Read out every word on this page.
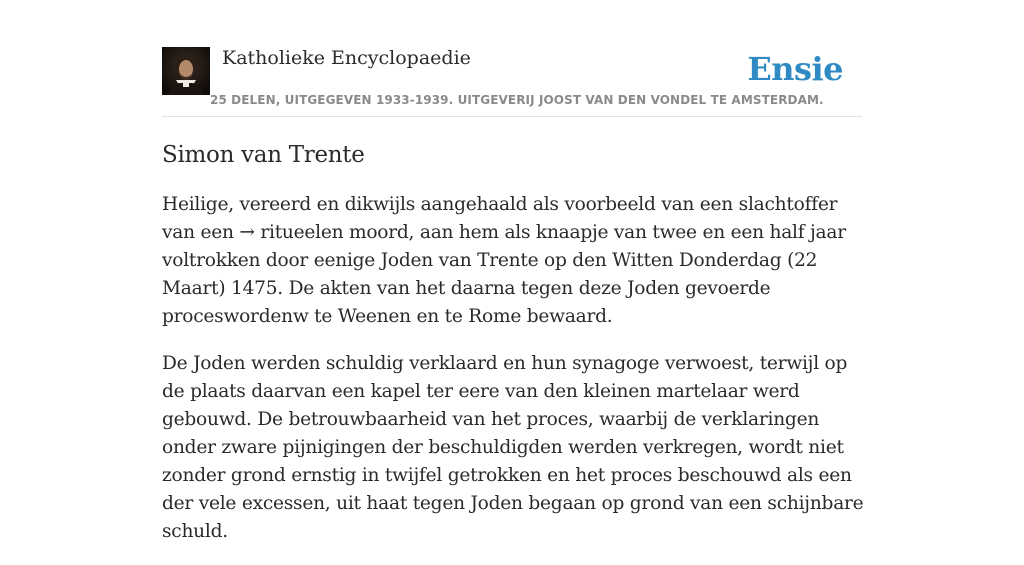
Katholieke Encyclopaedie
25 DELEN, UITGEGEVEN 1933-1939. UITGEVERIJ JOOST VAN DEN VONDEL TE AMSTERDAM.
Ensie
Simon van Trente

Heilige, vereerd en dikwijls aangehaald als voorbeeld van een slachtoffer van een → ritueelen moord, aan hem als knaapje van twee en een half jaar voltrokken door eenige Joden van Trente op den Witten Donderdag (22 Maart) 1475. De akten van het daarna tegen deze Joden gevoerde proceswordenw te Weenen en te Rome bewaard.

De Joden werden schuldig verklaard en hun synagoge verwoest, terwijl op de plaats daarvan een kapel ter eere van den kleinen martelaar werd gebouwd. De betrouwbaarheid van het proces, waarbij de verklaringen onder zware pijnigingen der beschuldigden werden verkregen, wordt niet zonder grond ernstig in twijfel getrokken en het proces beschouwd als een der vele excessen, uit haat tegen Joden begaan op grond van een schijnbare schuld.
